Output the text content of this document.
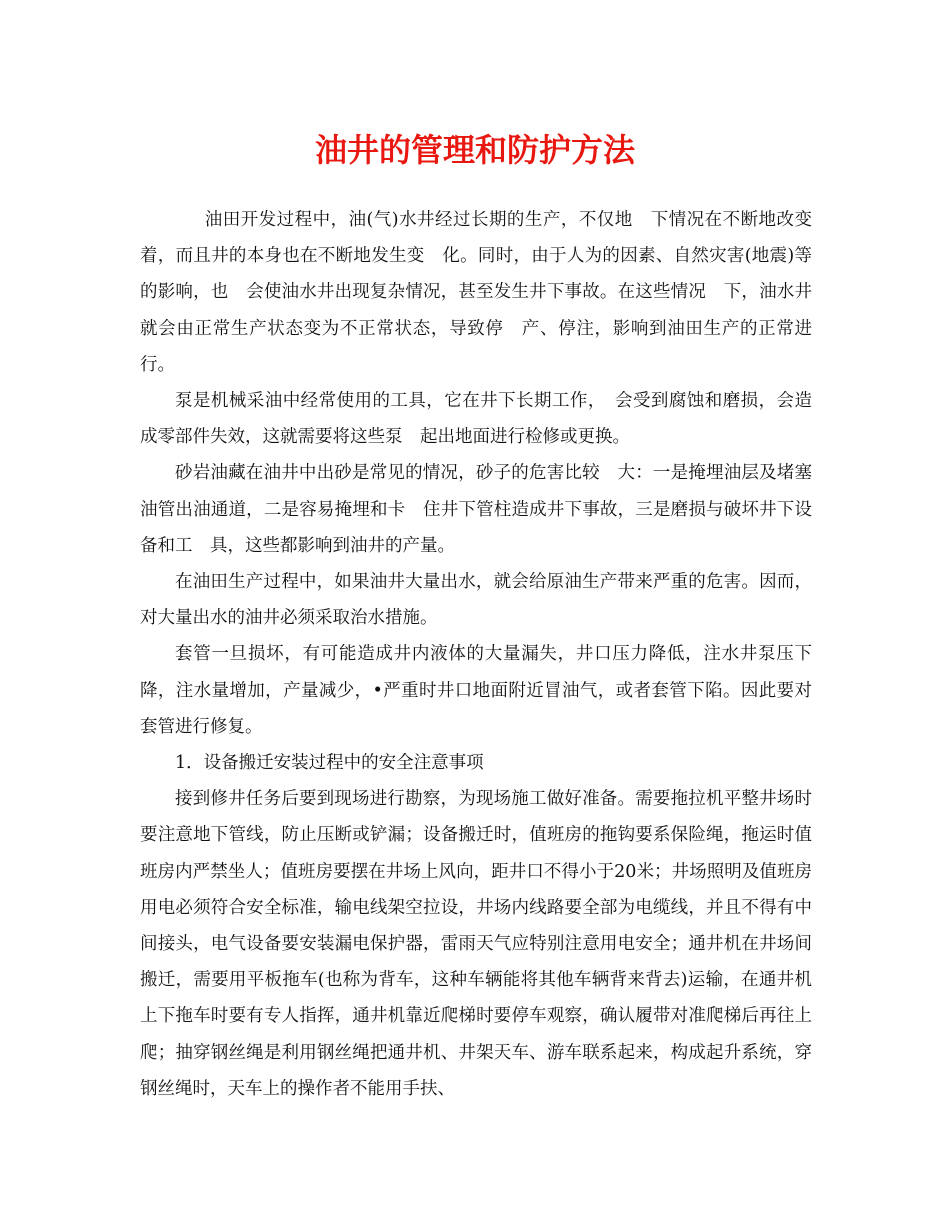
油井的管理和防护方法

油田开发过程中，油(气)水井经过长期的生产，不仅地　下情况在不断地改变着，而且井的本身也在不断地发生变　化。同时，由于人为的因素、自然灾害(地震)等的影响，也　会使油水井出现复杂情况，甚至发生井下事故。在这些情况　下，油水井就会由正常生产状态变为不正常状态，导致停　产、停注，影响到油田生产的正常进行。

泵是机械采油中经常使用的工具，它在井下长期工作，　会受到腐蚀和磨损，会造成零部件失效，这就需要将这些泵　起出地面进行检修或更换。

砂岩油藏在油井中出砂是常见的情况，砂子的危害比较　大：一是掩埋油层及堵塞油管出油通道，二是容易掩埋和卡　住井下管柱造成井下事故，三是磨损与破坏井下设备和工　具，这些都影响到油井的产量。

在油田生产过程中，如果油井大量出水，就会给原油生产带来严重的危害。因而，对大量出水的油井必须采取治水措施。

套管一旦损坏，有可能造成井内液体的大量漏失，井口压力降低，注水井泵压下降，注水量增加，产量减少，•严重时井口地面附近冒油气，或者套管下陷。因此要对套管进行修复。

1．设备搬迁安装过程中的安全注意事项

接到修井任务后要到现场进行勘察，为现场施工做好准备。需要拖拉机平整井场时要注意地下管线，防止压断或铲漏；设备搬迁时，值班房的拖钩要系保险绳，拖运时值班房内严禁坐人；值班房要摆在井场上风向，距井口不得小于20米；井场照明及值班房用电必须符合安全标准，输电线架空拉设，井场内线路要全部为电缆线，并且不得有中间接头，电气设备要安装漏电保护器，雷雨天气应特别注意用电安全；通井机在井场间搬迁，需要用平板拖车(也称为背车，这种车辆能将其他车辆背来背去)运输，在通井机上下拖车时要有专人指挥，通井机靠近爬梯时要停车观察，确认履带对准爬梯后再往上爬；抽穿钢丝绳是利用钢丝绳把通井机、井架天车、游车联系起来，构成起升系统，穿钢丝绳时，天车上的操作者不能用手扶、
